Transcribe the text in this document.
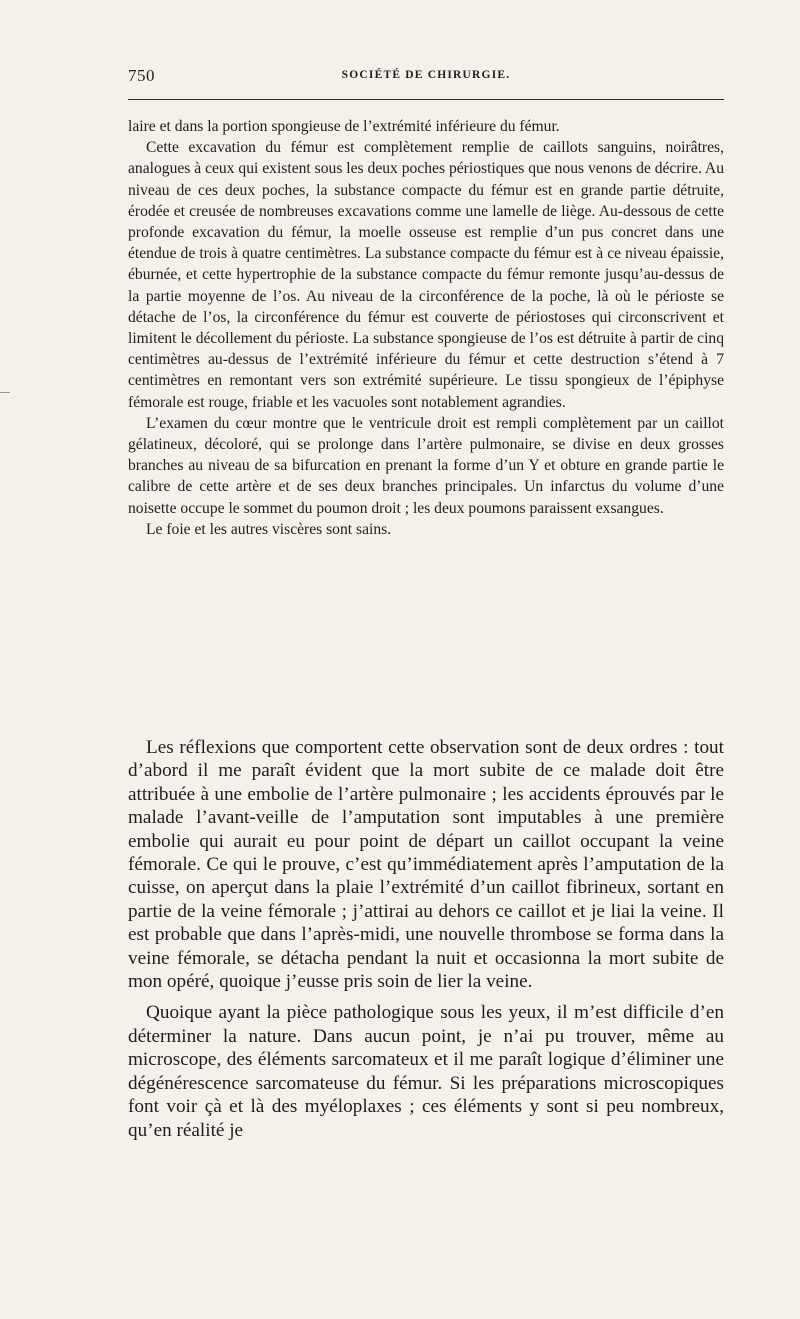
750	SOCIÉTÉ DE CHIRURGIE.

laire et dans la portion spongieuse de l’extrémité inférieure du fémur.

Cette excavation du fémur est complètement remplie de caillots sanguins, noirâtres, analogues à ceux qui existent sous les deux poches périostiques que nous venons de décrire. Au niveau de ces deux poches, la substance compacte du fémur est en grande partie détruite, érodée et creusée de nombreuses excavations comme une lamelle de liège. Au-dessous de cette profonde excavation du fémur, la moelle osseuse est remplie d’un pus concret dans une étendue de trois à quatre centimètres. La substance compacte du fémur est à ce niveau épaissie, éburnée, et cette hypertrophie de la substance compacte du fémur remonte jusqu’au-dessus de la partie moyenne de l’os. Au niveau de la circonférence de la poche, là où le périoste se détache de l’os, la circonférence du fémur est couverte de périostoses qui circonscrivent et limitent le décollement du périoste. La substance spongieuse de l’os est détruite à partir de cinq centimètres au-dessus de l’extrémité inférieure du fémur et cette destruction s’étend à 7 centimètres en remontant vers son extrémité supérieure. Le tissu spongieux de l’épiphyse fémorale est rouge, friable et les vacuoles sont notablement agrandies.

L’examen du cœur montre que le ventricule droit est rempli complètement par un caillot gélatineux, décoloré, qui se prolonge dans l’artère pulmonaire, se divise en deux grosses branches au niveau de sa bifurcation en prenant la forme d’un Y et obture en grande partie le calibre de cette artère et de ses deux branches principales. Un infarctus du volume d’une noisette occupe le sommet du poumon droit ; les deux poumons paraissent exsangues.

Le foie et les autres viscères sont sains.

Les réflexions que comportent cette observation sont de deux ordres : tout d’abord il me paraît évident que la mort subite de ce malade doit être attribuée à une embolie de l’artère pulmonaire ; les accidents éprouvés par le malade l’avant-veille de l’amputation sont imputables à une première embolie qui aurait eu pour point de départ un caillot occupant la veine fémorale. Ce qui le prouve, c’est qu’immédiatement après l’amputation de la cuisse, on aperçut dans la plaie l’extrémité d’un caillot fibrineux, sortant en partie de la veine fémorale ; j’attirai au dehors ce caillot et je liai la veine. Il est probable que dans l’après-midi, une nouvelle thrombose se forma dans la veine fémorale, se détacha pendant la nuit et occasionna la mort subite de mon opéré, quoique j’eusse pris soin de lier la veine.

Quoique ayant la pièce pathologique sous les yeux, il m’est difficile d’en déterminer la nature. Dans aucun point, je n’ai pu trouver, même au microscope, des éléments sarcomateux et il me paraît logique d’éliminer une dégénérescence sarcomateuse du fémur. Si les préparations microscopiques font voir çà et là des myéloplaxes ; ces éléments y sont si peu nombreux, qu’en réalité je
